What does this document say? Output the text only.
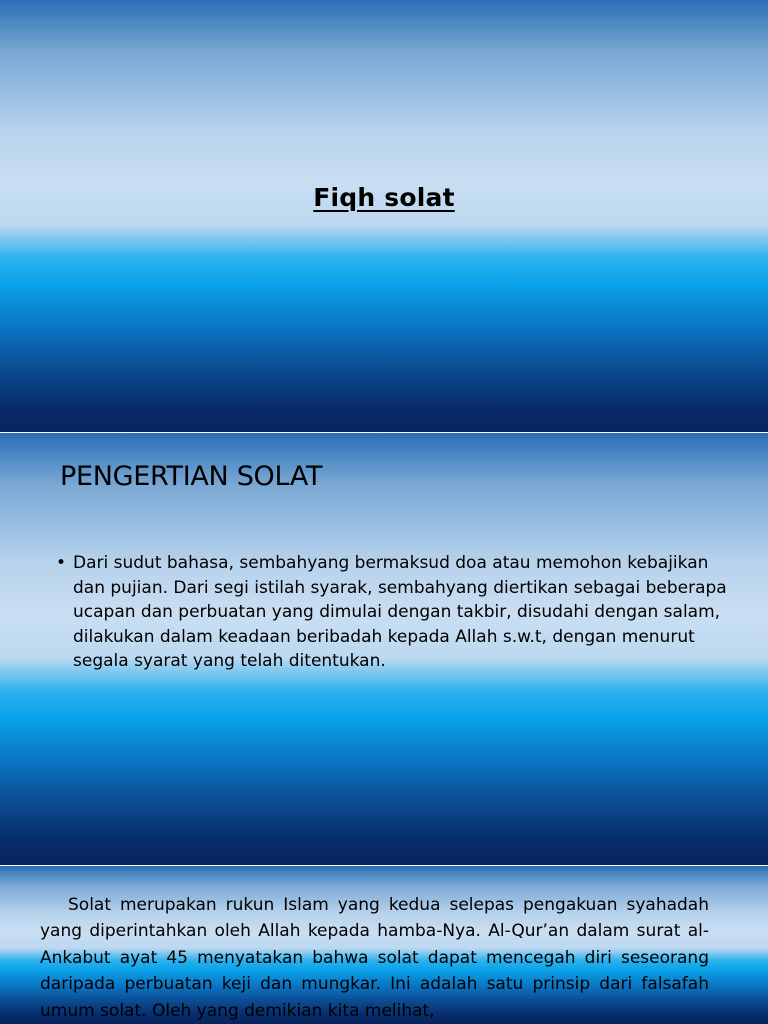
Fiqh solat
PENGERTIAN SOLAT
• Dari sudut bahasa, sembahyang bermaksud doa atau memohon kebajikan dan pujian. Dari segi istilah syarak, sembahyang diertikan sebagai beberapa ucapan dan perbuatan yang dimulai dengan takbir, disudahi dengan salam, dilakukan dalam keadaan beribadah kepada Allah s.w.t, dengan menurut segala syarat yang telah ditentukan.
Solat merupakan rukun Islam yang kedua selepas pengakuan syahadah yang diperintahkan oleh Allah kepada hamba-Nya. Al-Qur’an dalam surat al-Ankabut ayat 45 menyatakan bahwa solat dapat mencegah diri seseorang daripada perbuatan keji dan mungkar. Ini adalah satu prinsip dari falsafah umum solat. Oleh yang demikian kita melihat,
